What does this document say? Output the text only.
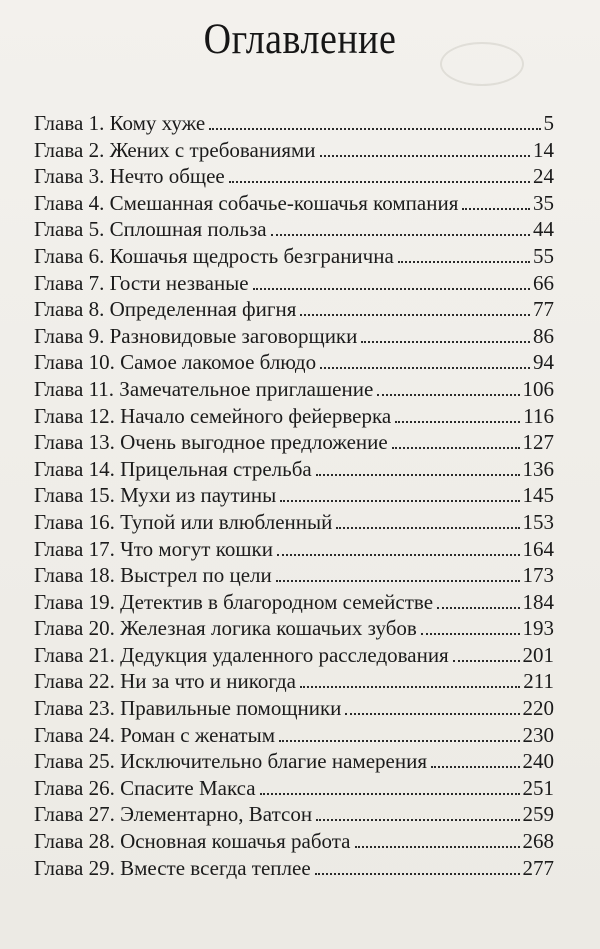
Оглавление
Глава 1. Кому хуже	5
Глава 2. Жених с требованиями	14
Глава 3. Нечто общее	24
Глава 4. Смешанная собачье-кошачья компания	35
Глава 5. Сплошная польза	44
Глава 6. Кошачья щедрость безгранична	55
Глава 7. Гости незваные	66
Глава 8. Определенная фигня	77
Глава 9. Разновидовые заговорщики	86
Глава 10. Самое лакомое блюдо	94
Глава 11. Замечательное приглашение	106
Глава 12. Начало семейного фейерверка	116
Глава 13. Очень выгодное предложение	127
Глава 14. Прицельная стрельба	136
Глава 15. Мухи из паутины	145
Глава 16. Тупой или влюбленный	153
Глава 17. Что могут кошки	164
Глава 18. Выстрел по цели	173
Глава 19. Детектив в благородном семействе	184
Глава 20. Железная логика кошачьих зубов	193
Глава 21. Дедукция удаленного расследования	201
Глава 22. Ни за что и никогда	211
Глава 23. Правильные помощники	220
Глава 24. Роман с женатым	230
Глава 25. Исключительно благие намерения	240
Глава 26. Спасите Макса	251
Глава 27. Элементарно, Ватсон	259
Глава 28. Основная кошачья работа	268
Глава 29. Вместе всегда теплее	277
